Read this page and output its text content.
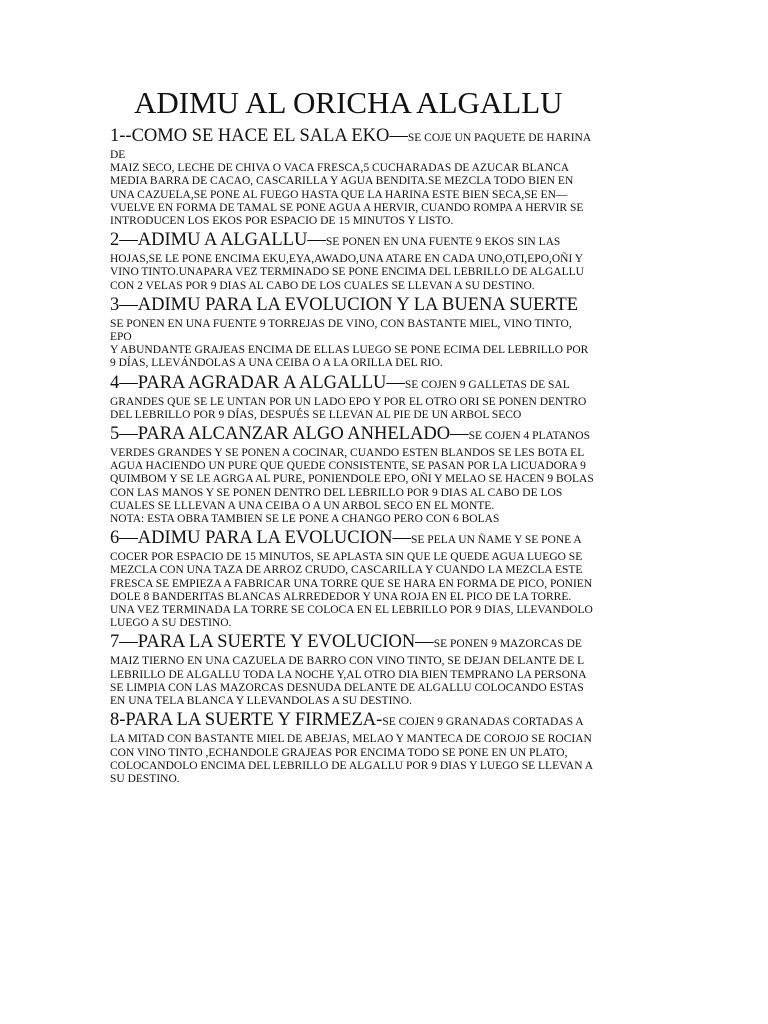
ADIMU AL ORICHA ALGALLU
1--COMO SE HACE EL SALA EKO—SE COJE UN PAQUETE DE HARINA
DE
MAIZ SECO, LECHE DE CHIVA O VACA FRESCA,5 CUCHARADAS DE AZUCAR BLANCA
MEDIA BARRA DE CACAO, CASCARILLA Y AGUA BENDITA.SE MEZCLA TODO BIEN EN
UNA CAZUELA,SE PONE AL FUEGO HASTA QUE LA HARINA ESTE BIEN SECA,SE EN—
VUELVE EN FORMA DE TAMAL SE PONE AGUA A HERVIR, CUANDO ROMPA A HERVIR SE
INTRODUCEN LOS EKOS POR ESPACIO DE 15 MINUTOS Y LISTO.
2—ADIMU A ALGALLU—SE PONEN EN UNA FUENTE 9 EKOS SIN LAS
HOJAS,SE LE PONE ENCIMA EKU,EYA,AWADO,UNA ATARE EN CADA UNO,OTI,EPO,OÑI Y
VINO TINTO.UNAPARA VEZ TERMINADO SE PONE ENCIMA DEL LEBRILLO DE ALGALLU
CON 2 VELAS POR 9 DIAS AL CABO DE LOS CUALES SE LLEVAN A SU DESTINO.
3—ADIMU PARA LA EVOLUCION Y LA BUENA SUERTE
SE PONEN EN UNA FUENTE 9 TORREJAS DE VINO, CON BASTANTE MIEL, VINO TINTO,
EPO
Y ABUNDANTE GRAJEAS ENCIMA DE ELLAS LUEGO SE PONE ECIMA DEL LEBRILLO POR
9 DÍAS, LLEVÁNDOLAS A UNA CEIBA O A LA ORILLA DEL RIO.
4—PARA AGRADAR A ALGALLU—SE COJEN 9 GALLETAS DE SAL
GRANDES QUE SE LE UNTAN POR UN LADO EPO Y POR EL OTRO ORI SE PONEN DENTRO
DEL LEBRILLO POR 9 DÍAS, DESPUÉS SE LLEVAN AL PIE DE UN ARBOL SECO
5—PARA ALCANZAR ALGO ANHELADO—SE COJEN 4 PLATANOS
VERDES GRANDES Y SE PONEN A COCINAR, CUANDO ESTEN BLANDOS SE LES BOTA EL
AGUA HACIENDO UN PURE QUE QUEDE CONSISTENTE, SE PASAN POR LA LICUADORA 9
QUIMBOM Y SE LE AGRGA AL PURE, PONIENDOLE EPO, OÑI Y MELAO SE HACEN 9 BOLAS
CON LAS MANOS Y SE PONEN DENTRO DEL LEBRILLO POR 9 DIAS AL CABO DE LOS
CUALES SE LLLEVAN A UNA CEIBA O A UN ARBOL SECO EN EL MONTE.
NOTA: ESTA OBRA TAMBIEN SE LE PONE A CHANGO PERO CON 6 BOLAS
6—ADIMU PARA LA EVOLUCION—SE PELA UN ÑAME Y SE PONE A
COCER POR ESPACIO DE 15 MINUTOS, SE APLASTA SIN QUE LE QUEDE AGUA LUEGO SE
MEZCLA CON UNA TAZA DE ARROZ CRUDO, CASCARILLA Y CUANDO LA MEZCLA ESTE
FRESCA SE EMPIEZA A FABRICAR UNA TORRE QUE SE HARA EN FORMA DE PICO, PONIEN
DOLE 8 BANDERITAS BLANCAS ALRREDEDOR Y UNA ROJA EN EL PICO DE LA TORRE.
UNA VEZ TERMINADA LA TORRE SE COLOCA EN EL LEBRILLO POR 9 DIAS, LLEVANDOLO
LUEGO A SU DESTINO.
7—PARA LA SUERTE Y EVOLUCION—SE PONEN 9 MAZORCAS DE
MAIZ TIERNO EN UNA CAZUELA DE BARRO CON VINO TINTO, SE DEJAN DELANTE DE L
LEBRILLO DE ALGALLU TODA LA NOCHE Y,AL OTRO DIA BIEN TEMPRANO LA PERSONA
SE LIMPIA CON LAS MAZORCAS DESNUDA DELANTE DE ALGALLU COLOCANDO ESTAS
EN UNA TELA BLANCA Y LLEVANDOLAS A SU DESTINO.
8-PARA LA SUERTE Y FIRMEZA-SE COJEN 9 GRANADAS CORTADAS A
LA MITAD CON BASTANTE MIEL DE ABEJAS, MELAO Y MANTECA DE COROJO SE ROCIAN
CON VINO TINTO ,ECHANDOLE GRAJEAS POR ENCIMA TODO SE PONE EN UN PLATO,
COLOCANDOLO ENCIMA DEL LEBRILLO DE ALGALLU POR 9 DIAS Y LUEGO SE LLEVAN A
SU DESTINO.
